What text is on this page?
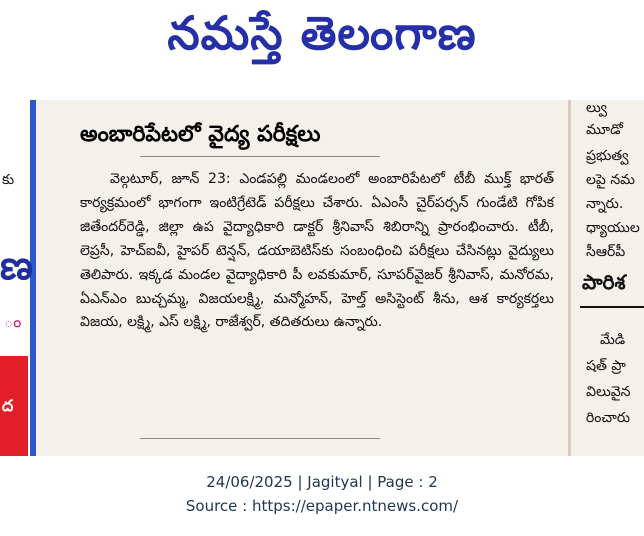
నమస్తే తెలంగాణ
కు
ణ
ం
ద
అంబారిపేటలో వైద్య పరీక్షలు
వెల్గటూర్, జూన్ 23: ఎండపల్లి మండలంలో అంబారిపేటలో టీబీ ముక్త్ భారత్ కార్యక్రమంలో భాగంగా ఇంటిగ్రేటెడ్ పరీక్షలు చేశారు. ఏఎంసీ చైర్‌పర్సన్ గుండేటి గోపిక జితేందర్‌రెడ్డి, జిల్లా ఉప వైద్యాధికారి డాక్టర్ శ్రీనివాస్ శిబిరాన్ని ప్రారంభించారు. టీబీ, లెప్రసీ, హెచ్‌ఐవీ, హైపర్ టెన్షన్, డయాబెటిస్‌కు సంబంధించి పరీక్షలు చేసినట్లు వైద్యులు తెలిపారు. ఇక్కడ మండల వైద్యాధికారి పీ లవకుమార్, సూపర్‌వైజర్ శ్రీనివాస్, మనోరమ, ఏఎన్‌ఎం బుచ్చమ్మ, విజయలక్ష్మి, మన్మోహన్, హెల్త్ అసిస్టెంట్ శీను, ఆశ కార్యకర్తలు విజయ, లక్ష్మి, ఎస్ లక్ష్మి, రాజేశ్వర్, తదితరులు ఉన్నారు.
ల్వు
మూడో
ప్రభుత్వ
లపై నమ
న్నారు.
ధ్యాయుల
సీఆర్‌పీ
పారిశ
మేడి
షత్ ప్రా
విలువైన
రించారు
24/06/2025 | Jagityal | Page : 2
Source : https://epaper.ntnews.com/
